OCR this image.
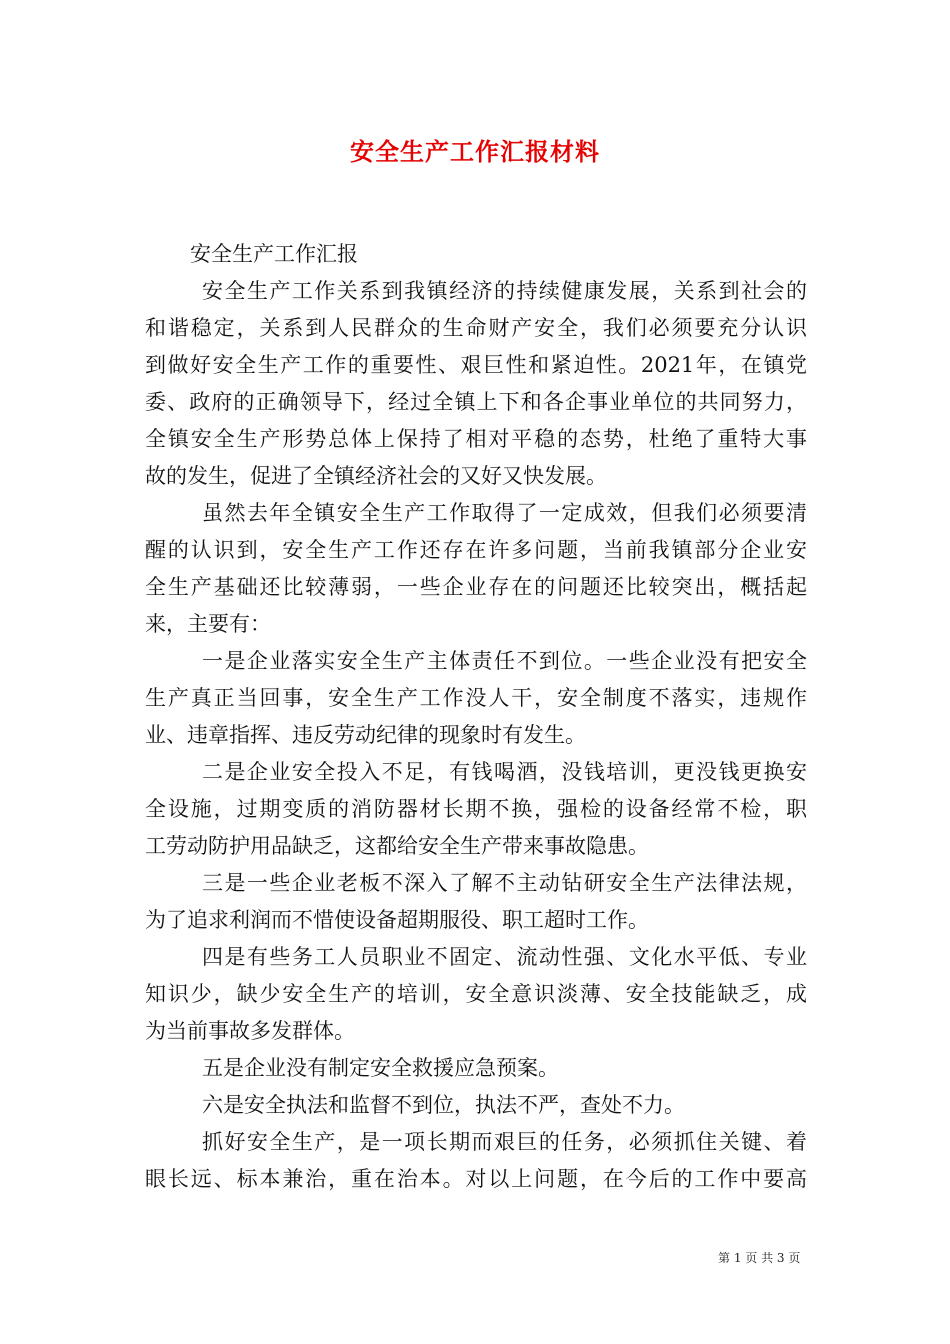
安全生产工作汇报材料
安全生产工作汇报
安全生产工作关系到我镇经济的持续健康发展，关系到社会的
和谐稳定，关系到人民群众的生命财产安全，我们必须要充分认识
到做好安全生产工作的重要性、艰巨性和紧迫性。2021年，在镇党
委、政府的正确领导下，经过全镇上下和各企事业单位的共同努力，
全镇安全生产形势总体上保持了相对平稳的态势，杜绝了重特大事
故的发生，促进了全镇经济社会的又好又快发展。
虽然去年全镇安全生产工作取得了一定成效，但我们必须要清
醒的认识到，安全生产工作还存在许多问题，当前我镇部分企业安
全生产基础还比较薄弱，一些企业存在的问题还比较突出，概括起
来，主要有：
一是企业落实安全生产主体责任不到位。一些企业没有把安全
生产真正当回事，安全生产工作没人干，安全制度不落实，违规作
业、违章指挥、违反劳动纪律的现象时有发生。
二是企业安全投入不足，有钱喝酒，没钱培训，更没钱更换安
全设施，过期变质的消防器材长期不换，强检的设备经常不检，职
工劳动防护用品缺乏，这都给安全生产带来事故隐患。
三是一些企业老板不深入了解不主动钻研安全生产法律法规，
为了追求利润而不惜使设备超期服役、职工超时工作。
四是有些务工人员职业不固定、流动性强、文化水平低、专业
知识少，缺少安全生产的培训，安全意识淡薄、安全技能缺乏，成
为当前事故多发群体。
五是企业没有制定安全救援应急预案。
六是安全执法和监督不到位，执法不严，查处不力。
抓好安全生产，是一项长期而艰巨的任务，必须抓住关键、着
眼长远、标本兼治，重在治本。对以上问题，在今后的工作中要高
第 1 页 共 3 页
